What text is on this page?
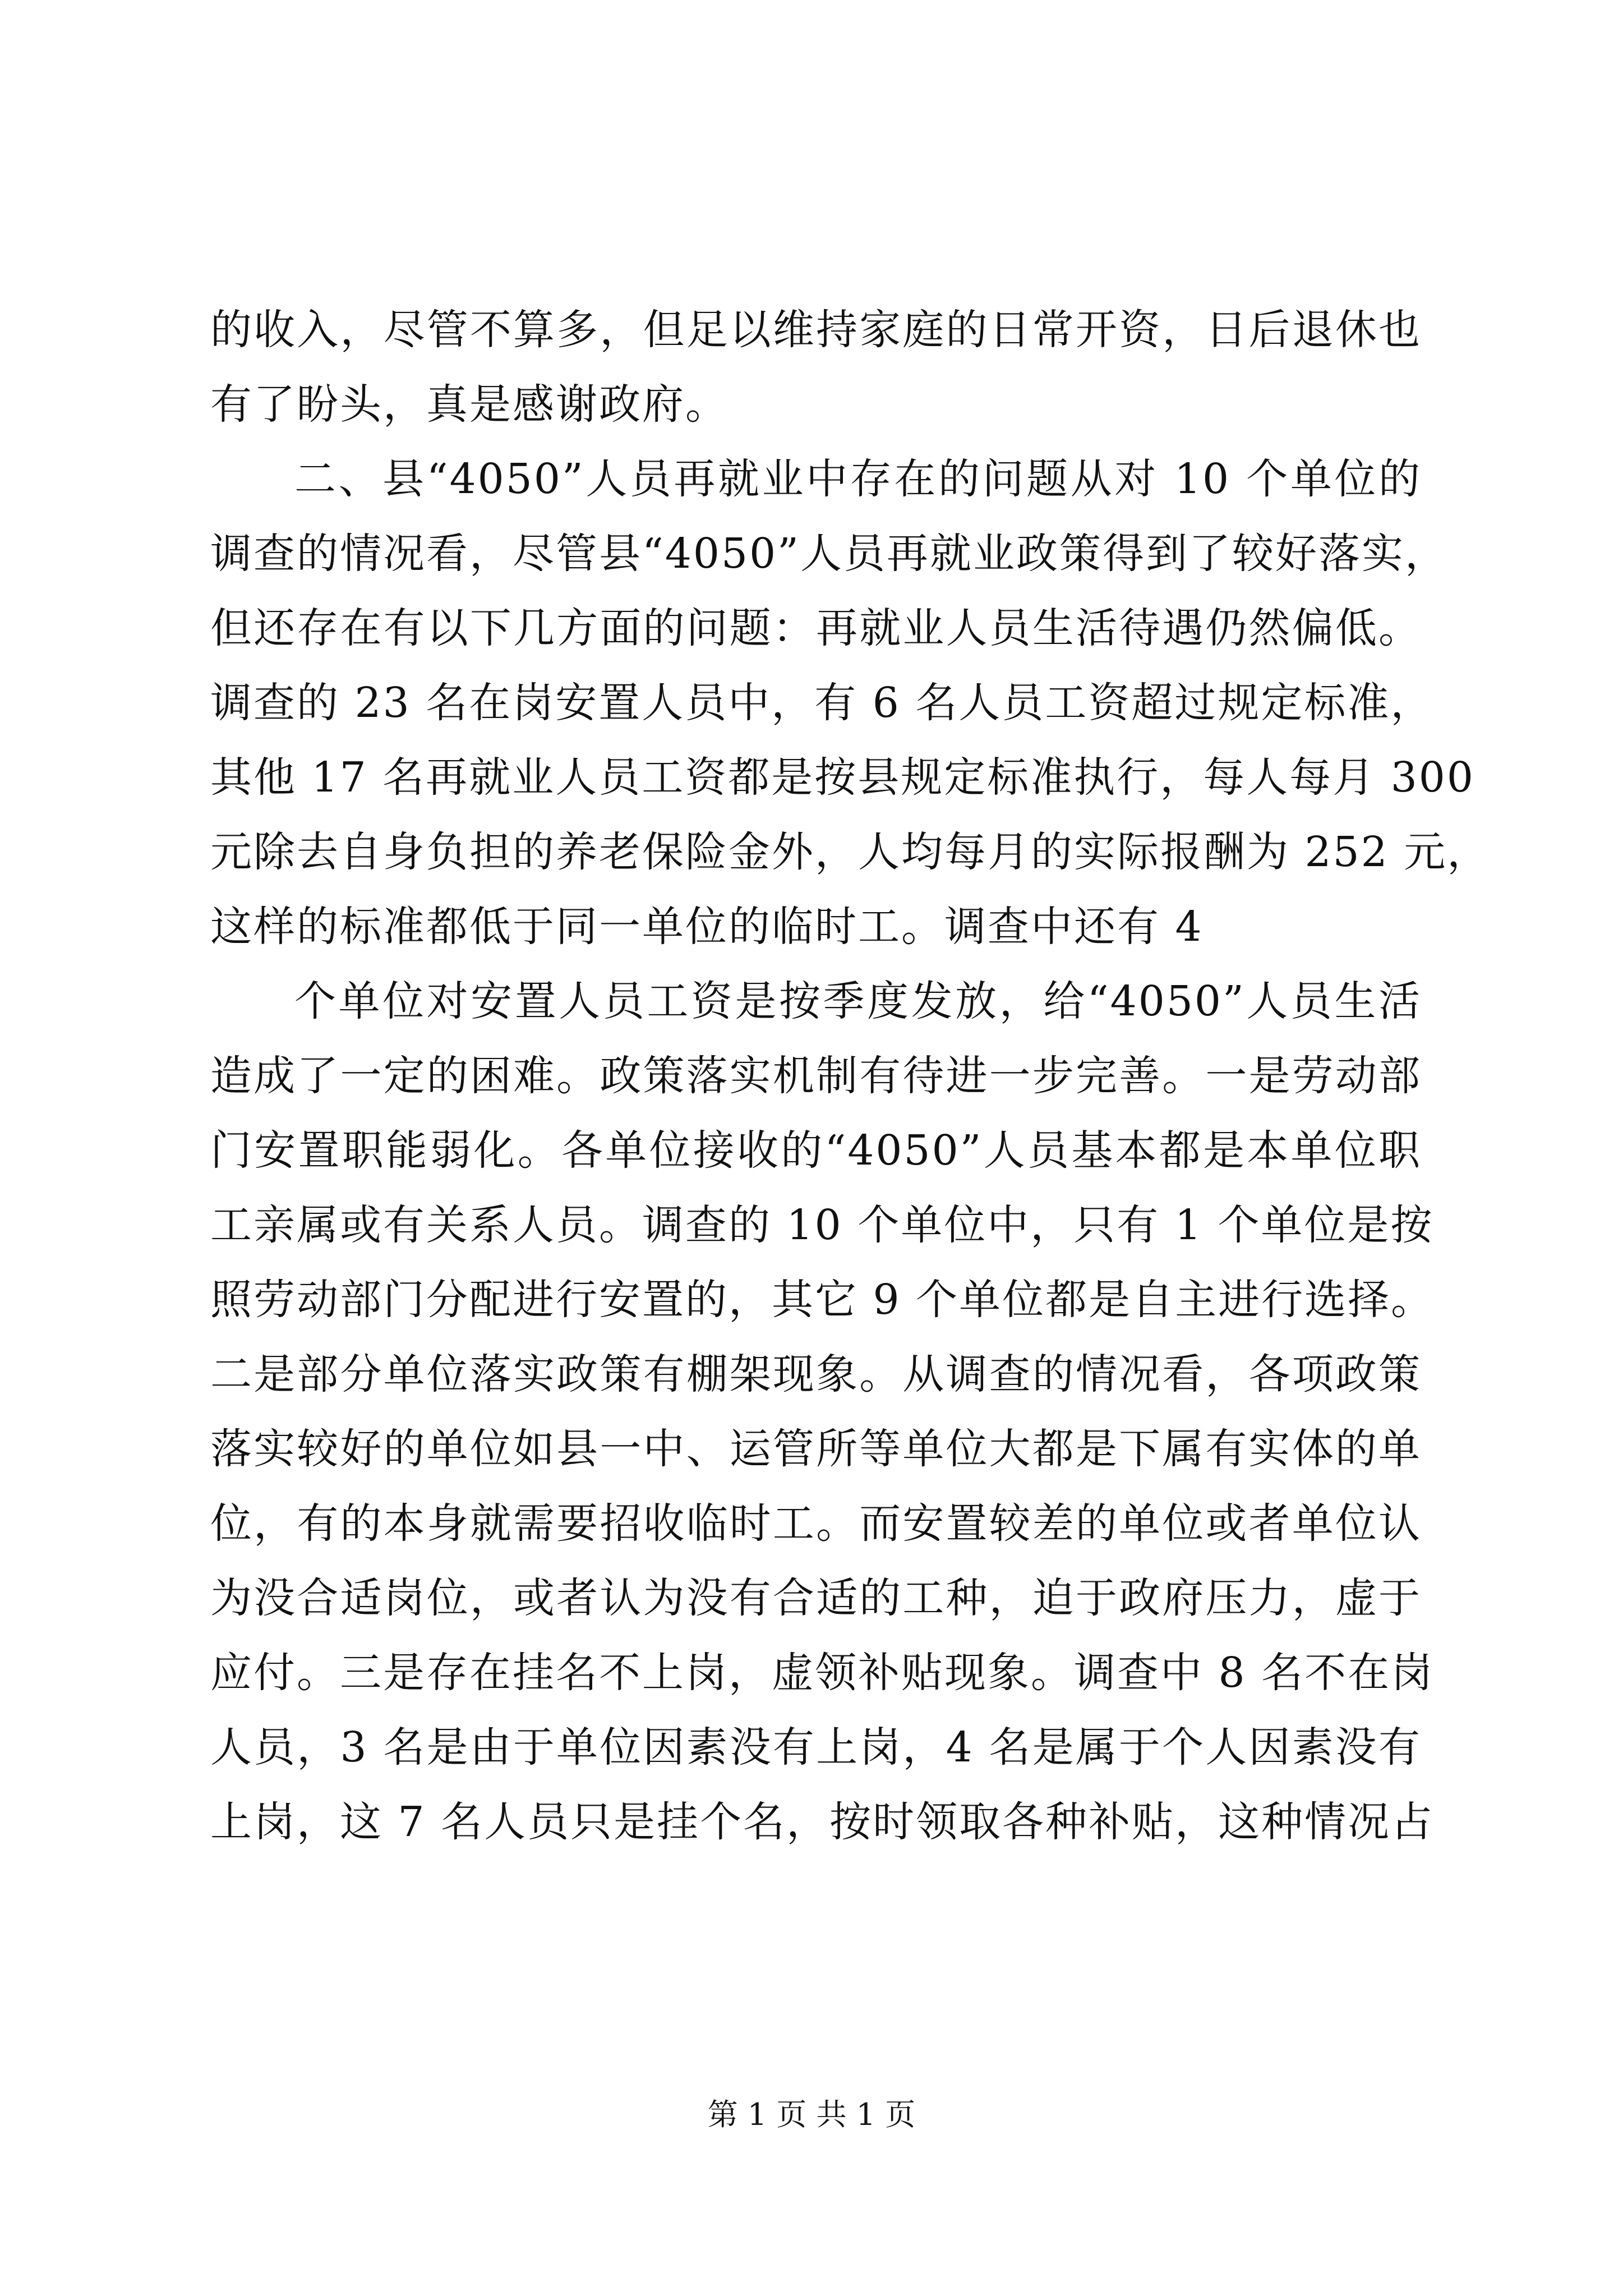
的收入，尽管不算多，但足以维持家庭的日常开资，日后退休也
有了盼头，真是感谢政府。
二、县“4050”人员再就业中存在的问题从对 10 个单位的
调查的情况看，尽管县“4050”人员再就业政策得到了较好落实，
但还存在有以下几方面的问题：再就业人员生活待遇仍然偏低。
调查的 23 名在岗安置人员中，有 6 名人员工资超过规定标准，
其他 17 名再就业人员工资都是按县规定标准执行，每人每月 300
元除去自身负担的养老保险金外，人均每月的实际报酬为 252 元，
这样的标准都低于同一单位的临时工。调查中还有 4
个单位对安置人员工资是按季度发放，给“4050”人员生活
造成了一定的困难。政策落实机制有待进一步完善。一是劳动部
门安置职能弱化。各单位接收的“4050”人员基本都是本单位职
工亲属或有关系人员。调查的 10 个单位中，只有 1 个单位是按
照劳动部门分配进行安置的，其它 9 个单位都是自主进行选择。
二是部分单位落实政策有棚架现象。从调查的情况看，各项政策
落实较好的单位如县一中、运管所等单位大都是下属有实体的单
位，有的本身就需要招收临时工。而安置较差的单位或者单位认
为没合适岗位，或者认为没有合适的工种，迫于政府压力，虚于
应付。三是存在挂名不上岗，虚领补贴现象。调查中 8 名不在岗
人员，3 名是由于单位因素没有上岗，4 名是属于个人因素没有
上岗，这 7 名人员只是挂个名，按时领取各种补贴，这种情况占
第 1 页 共 1 页
